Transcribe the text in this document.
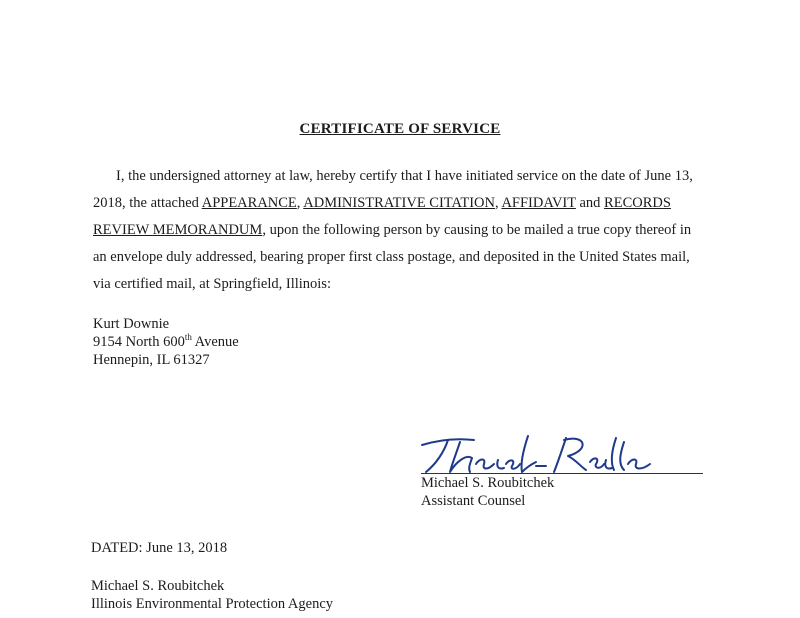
CERTIFICATE OF SERVICE
I, the undersigned attorney at law, hereby certify that I have initiated service on the date of June 13, 2018, the attached APPEARANCE, ADMINISTRATIVE CITATION, AFFIDAVIT and RECORDS REVIEW MEMORANDUM, upon the following person by causing to be mailed a true copy thereof in an envelope duly addressed, bearing proper first class postage, and deposited in the United States mail, via certified mail, at Springfield, Illinois:
Kurt Downie
9154 North 600th Avenue
Hennepin, IL 61327
Michael S. Roubitchek
Assistant Counsel
DATED: June 13, 2018
Michael S. Roubitchek
Illinois Environmental Protection Agency
